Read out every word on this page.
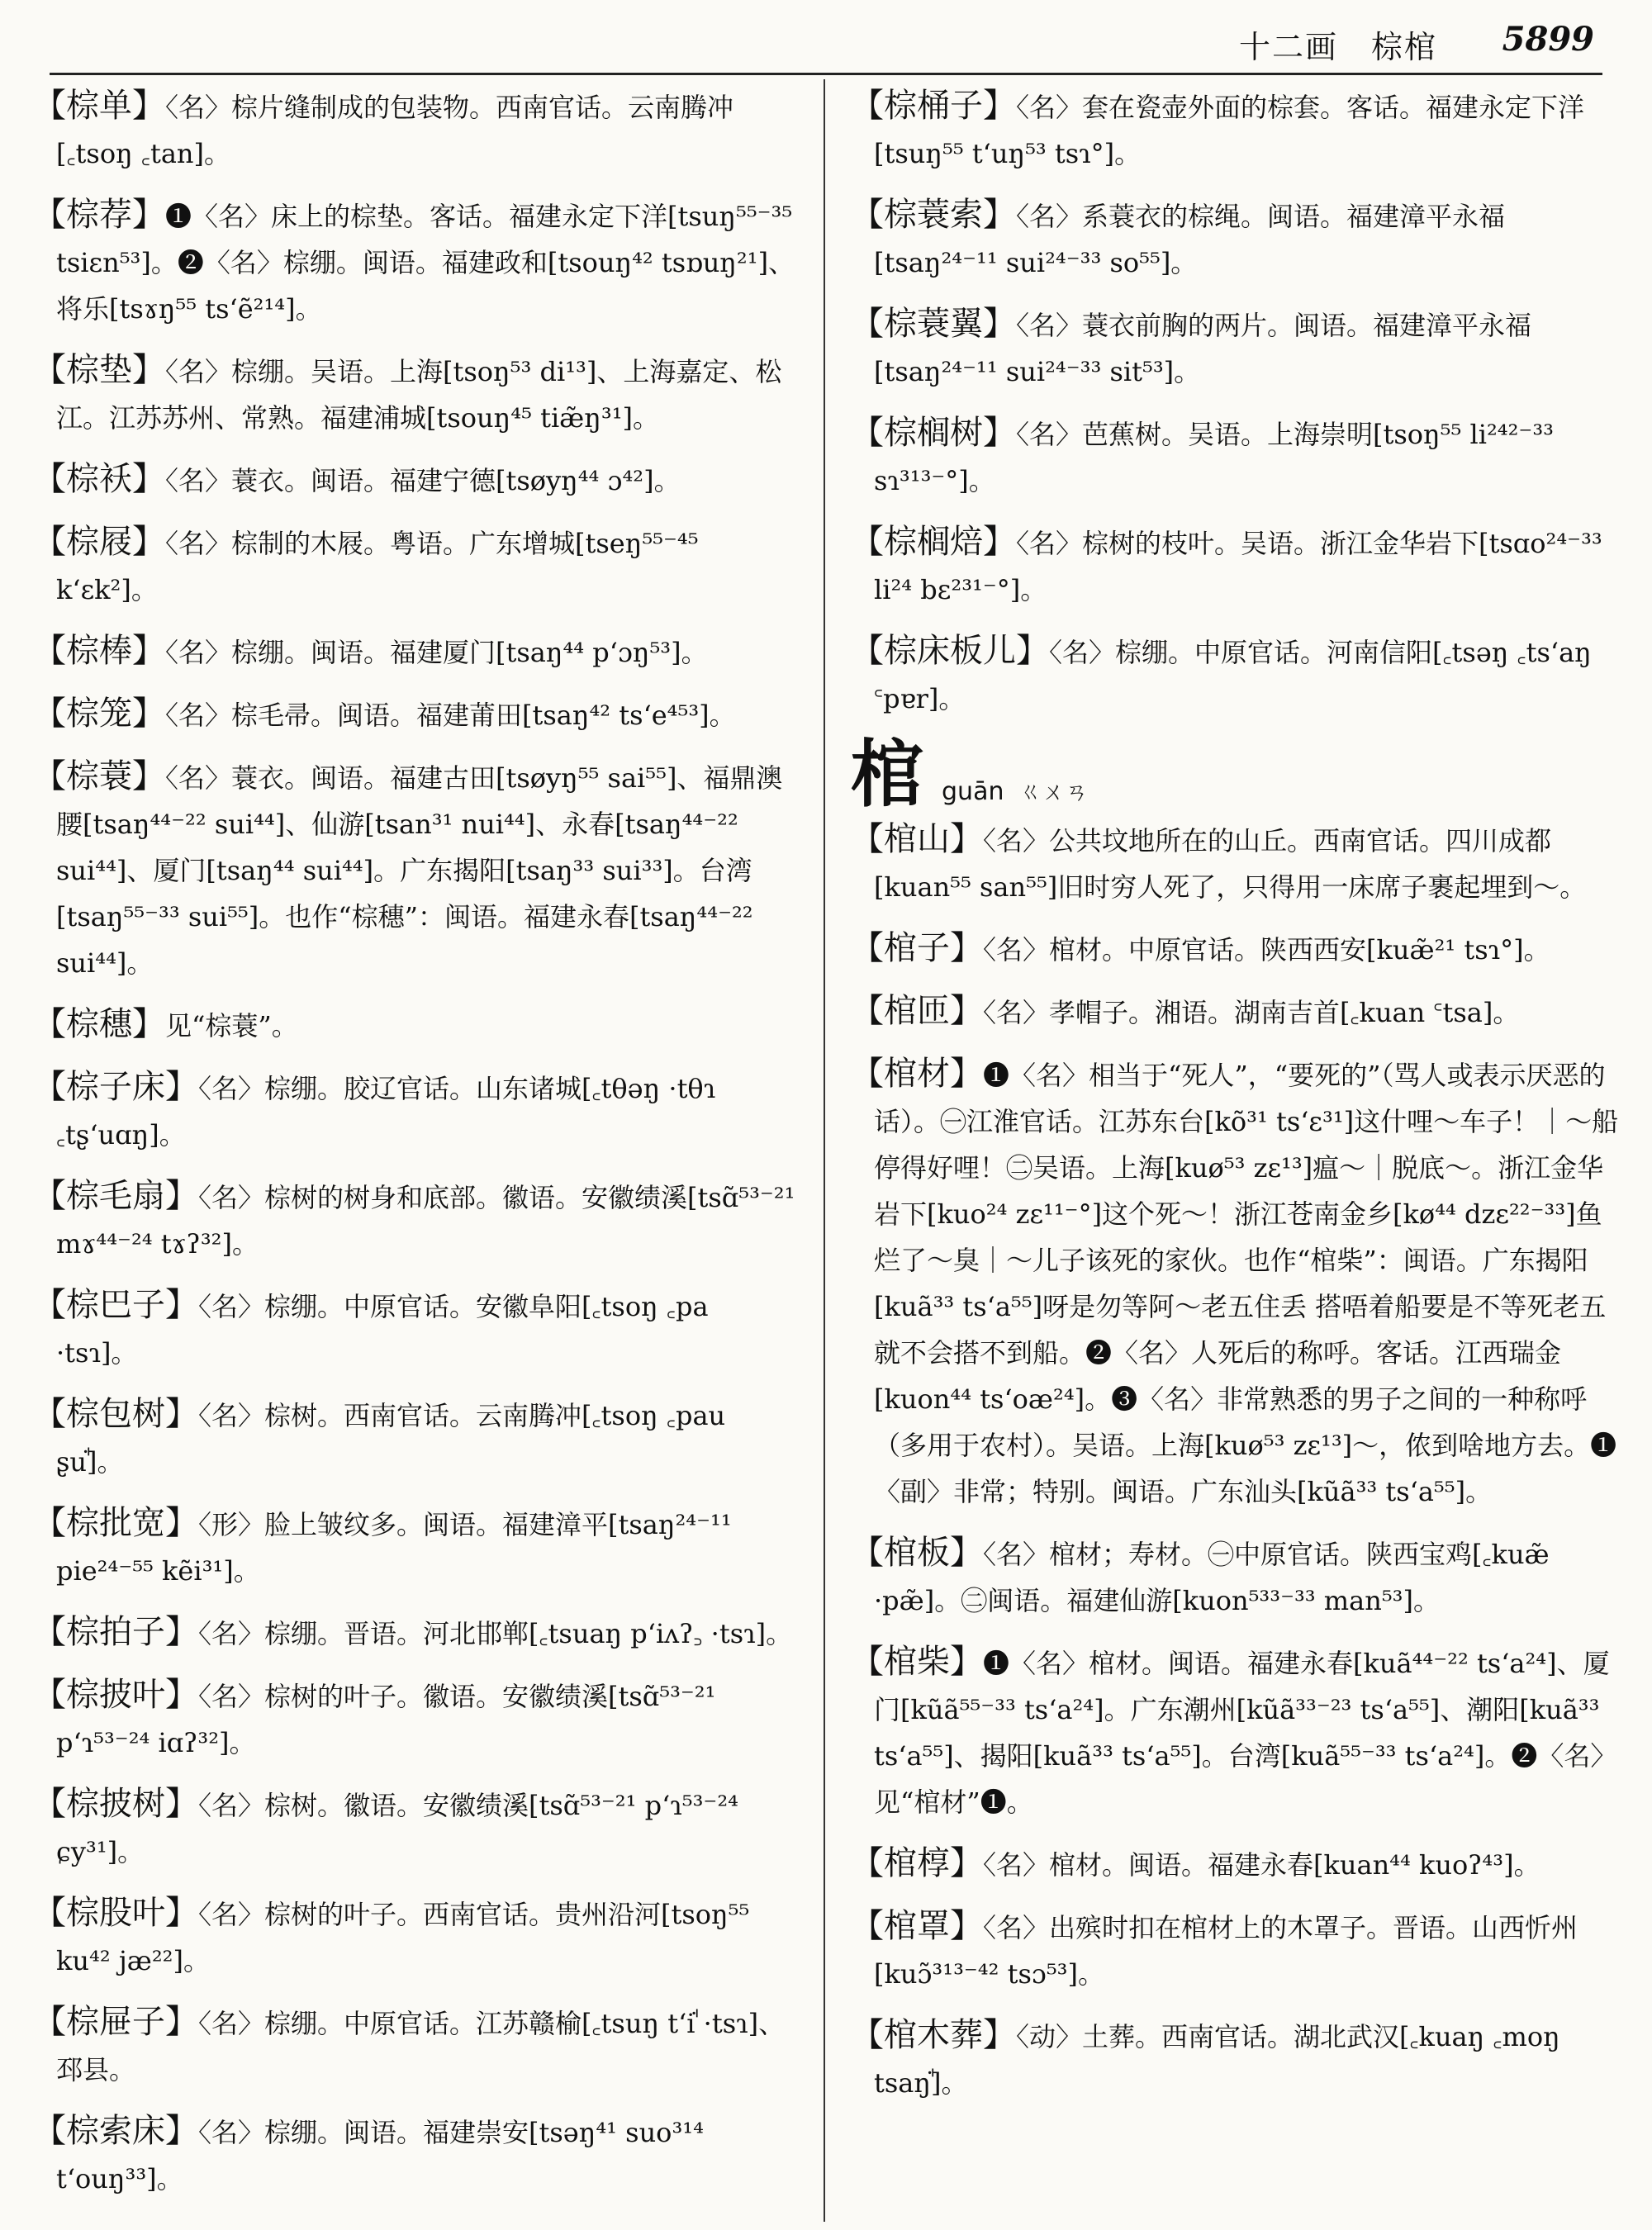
十二画　棕棺 5899

【棕单】〈名〉棕片缝制成的包装物。西南官话。云南腾冲[꜀tsoŋ ꜀tan]。

【棕荐】❶〈名〉床上的棕垫。客话。福建永定下洋[tsuŋ⁵⁵⁻³⁵ tsiɛn⁵³]。❷〈名〉棕绷。闽语。福建政和[tsouŋ⁴² tsɒuŋ²¹]、将乐[tsɤŋ⁵⁵ tsʻẽ²¹⁴]。

【棕垫】〈名〉棕绷。吴语。上海[tsoŋ⁵³ di¹³]、上海嘉定、松江。江苏苏州、常熟。福建浦城[tsouŋ⁴⁵ tiæ̃ŋ³¹]。

【棕袄】〈名〉蓑衣。闽语。福建宁德[tsøyŋ⁴⁴ ɔ⁴²]。

【棕屐】〈名〉棕制的木屐。粤语。广东增城[tseŋ⁵⁵⁻⁴⁵ kʻɛk²]。

【棕棒】〈名〉棕绷。闽语。福建厦门[tsaŋ⁴⁴ pʻɔŋ⁵³]。

【棕笼】〈名〉棕毛帚。闽语。福建莆田[tsaŋ⁴² tsʻe⁴⁵³]。

【棕蓑】〈名〉蓑衣。闽语。福建古田[tsøyŋ⁵⁵ sai⁵⁵]、福鼎澳腰[tsaŋ⁴⁴⁻²² sui⁴⁴]、仙游[tsan³¹ nui⁴⁴]、永春[tsaŋ⁴⁴⁻²² sui⁴⁴]、厦门[tsaŋ⁴⁴ sui⁴⁴]。广东揭阳[tsaŋ³³ sui³³]。台湾[tsaŋ⁵⁵⁻³³ sui⁵⁵]。也作“棕穗”：闽语。福建永春[tsaŋ⁴⁴⁻²² sui⁴⁴]。

【棕穗】见“棕蓑”。

【棕子床】〈名〉棕绷。胶辽官话。山东诸城[꜀tθəŋ ·tθɿ ꜀tʂʻuɑŋ]。

【棕毛扇】〈名〉棕树的树身和底部。徽语。安徽绩溪[tsɑ̃⁵³⁻²¹ mɤ⁴⁴⁻²⁴ tɤʔ³²]。

【棕巴子】〈名〉棕绷。中原官话。安徽阜阳[꜀tsoŋ ꜀pa ·tsɿ]。

【棕包树】〈名〉棕树。西南官话。云南腾冲[꜀tsoŋ ꜀pau ʂuꜗ]。

【棕批宽】〈形〉脸上皱纹多。闽语。福建漳平[tsaŋ²⁴⁻¹¹ pie²⁴⁻⁵⁵ kẽi³¹]。

【棕拍子】〈名〉棕绷。晋语。河北邯郸[꜀tsuaŋ pʻiʌʔ꜆ ·tsɿ]。

【棕披叶】〈名〉棕树的叶子。徽语。安徽绩溪[tsɑ̃⁵³⁻²¹ pʻɿ⁵³⁻²⁴ iɑʔ³²]。

【棕披树】〈名〉棕树。徽语。安徽绩溪[tsɑ̃⁵³⁻²¹ pʻɿ⁵³⁻²⁴ ɕy³¹]。

【棕股叶】〈名〉棕树的叶子。西南官话。贵州沿河[tsoŋ⁵⁵ ku⁴² jæ²²]。

【棕屉子】〈名〉棕绷。中原官话。江苏赣榆[꜀tsuŋ tʻiꜗ ·tsɿ]、邳县。

【棕索床】〈名〉棕绷。闽语。福建崇安[tsəŋ⁴¹ suo³¹⁴ tʻouŋ³³]。

【棕桶子】〈名〉套在瓷壶外面的棕套。客话。福建永定下洋[tsuŋ⁵⁵ tʻuŋ⁵³ tsɿ°]。

【棕蓑索】〈名〉系蓑衣的棕绳。闽语。福建漳平永福[tsaŋ²⁴⁻¹¹ sui²⁴⁻³³ so⁵⁵]。

【棕蓑翼】〈名〉蓑衣前胸的两片。闽语。福建漳平永福[tsaŋ²⁴⁻¹¹ sui²⁴⁻³³ sit⁵³]。

【棕榈树】〈名〉芭蕉树。吴语。上海崇明[tsoŋ⁵⁵ li²⁴²⁻³³ sɿ³¹³⁻°]。

【棕榈焙】〈名〉棕树的枝叶。吴语。浙江金华岩下[tsɑo²⁴⁻³³ li²⁴ bɛ²³¹⁻°]。

【棕床板儿】〈名〉棕绷。中原官话。河南信阳[꜀tsəŋ ꜀tsʻaŋ ꜂pɐr]。

棺 guān ㄍㄨㄢ

【棺山】〈名〉公共坟地所在的山丘。西南官话。四川成都[kuan⁵⁵ san⁵⁵]旧时穷人死了，只得用一床席子裹起埋到～。

【棺子】〈名〉棺材。中原官话。陕西西安[kuæ̃²¹ tsɿ°]。

【棺匝】〈名〉孝帽子。湘语。湖南吉首[꜀kuan ꜂tsa]。

【棺材】❶〈名〉相当于“死人”，“要死的”（骂人或表示厌恶的话）。㊀江淮官话。江苏东台[kõ³¹ tsʻɛ³¹]这什哩～车子！｜～船停得好哩！㊁吴语。上海[kuø⁵³ zɛ¹³]瘟～｜脱底～。浙江金华岩下[kuo²⁴ zɛ¹¹⁻°]这个死～！浙江苍南金乡[kø⁴⁴ dzɛ²²⁻³³]鱼烂了～臭｜～儿子该死的家伙。也作“棺柴”：闽语。广东揭阳[kuã³³ tsʻa⁵⁵]呀是勿等阿～老五住丢 搭唔着船要是不等死老五就不会搭不到船。❷〈名〉人死后的称呼。客话。江西瑞金[kuon⁴⁴ tsʻoæ²⁴]。❸〈名〉非常熟悉的男子之间的一种称呼（多用于农村）。吴语。上海[kuø⁵³ zɛ¹³]～，侬到啥地方去。❶〈副〉非常；特别。闽语。广东汕头[kũã³³ tsʻa⁵⁵]。

【棺板】〈名〉棺材；寿材。㊀中原官话。陕西宝鸡[꜀kuæ̃ ·pæ̃]。㊁闽语。福建仙游[kuon⁵³³⁻³³ man⁵³]。

【棺柴】❶〈名〉棺材。闽语。福建永春[kuã⁴⁴⁻²² tsʻa²⁴]、厦门[kũã⁵⁵⁻³³ tsʻa²⁴]。广东潮州[kũã³³⁻²³ tsʻa⁵⁵]、潮阳[kuã³³ tsʻa⁵⁵]、揭阳[kuã³³ tsʻa⁵⁵]。台湾[kuã⁵⁵⁻³³ tsʻa²⁴]。❷〈名〉见“棺材”❶。

【棺椁】〈名〉棺材。闽语。福建永春[kuan⁴⁴ kuoʔ⁴³]。

【棺罩】〈名〉出殡时扣在棺材上的木罩子。晋语。山西忻州[kuɔ̃³¹³⁻⁴² tsɔ⁵³]。

【棺木葬】〈动〉土葬。西南官话。湖北武汉[꜀kuaŋ ꜀moŋ tsaŋꜗ]。
